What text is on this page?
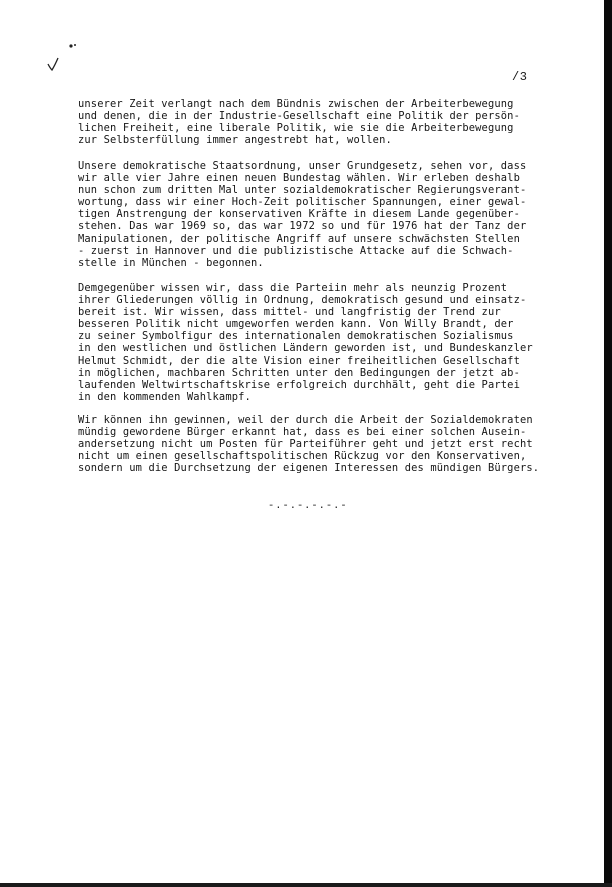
/3
unserer Zeit verlangt nach dem Bündnis zwischen der Arbeiterbewegung
und denen, die in der Industrie-Gesellschaft eine Politik der persön-
lichen Freiheit, eine liberale Politik, wie sie die Arbeiterbewegung
zur Selbsterfüllung immer angestrebt hat, wollen.
Unsere demokratische Staatsordnung, unser Grundgesetz, sehen vor, dass
wir alle vier Jahre einen neuen Bundestag wählen. Wir erleben deshalb
nun schon zum dritten Mal unter sozialdemokratischer Regierungsverant-
wortung, dass wir einer Hoch-Zeit politischer Spannungen, einer gewal-
tigen Anstrengung der konservativen Kräfte in diesem Lande gegenüber-
stehen. Das war 1969 so, das war 1972 so und für 1976 hat der Tanz der
Manipulationen, der politische Angriff auf unsere schwächsten Stellen
- zuerst in Hannover und die publizistische Attacke auf die Schwach-
stelle in München - begonnen.
Demgegenüber wissen wir, dass die Parteiin mehr als neunzig Prozent
ihrer Gliederungen völlig in Ordnung, demokratisch gesund und einsatz-
bereit ist. Wir wissen, dass mittel- und langfristig der Trend zur
besseren Politik nicht umgeworfen werden kann. Von Willy Brandt, der
zu seiner Symbolfigur des internationalen demokratischen Sozialismus
in den westlichen und östlichen Ländern geworden ist, und Bundeskanzler
Helmut Schmidt, der die alte Vision einer freiheitlichen Gesellschaft
in möglichen, machbaren Schritten unter den Bedingungen der jetzt ab-
laufenden Weltwirtschaftskrise erfolgreich durchhält, geht die Partei
in den kommenden Wahlkampf.
Wir können ihn gewinnen, weil der durch die Arbeit der Sozialdemokraten
mündig gewordene Bürger erkannt hat, dass es bei einer solchen Ausein-
andersetzung nicht um Posten für Parteiführer geht und jetzt erst recht
nicht um einen gesellschaftspolitischen Rückzug vor den Konservativen,
sondern um die Durchsetzung der eigenen Interessen des mündigen Bürgers.
-.-.-.-.-.-
